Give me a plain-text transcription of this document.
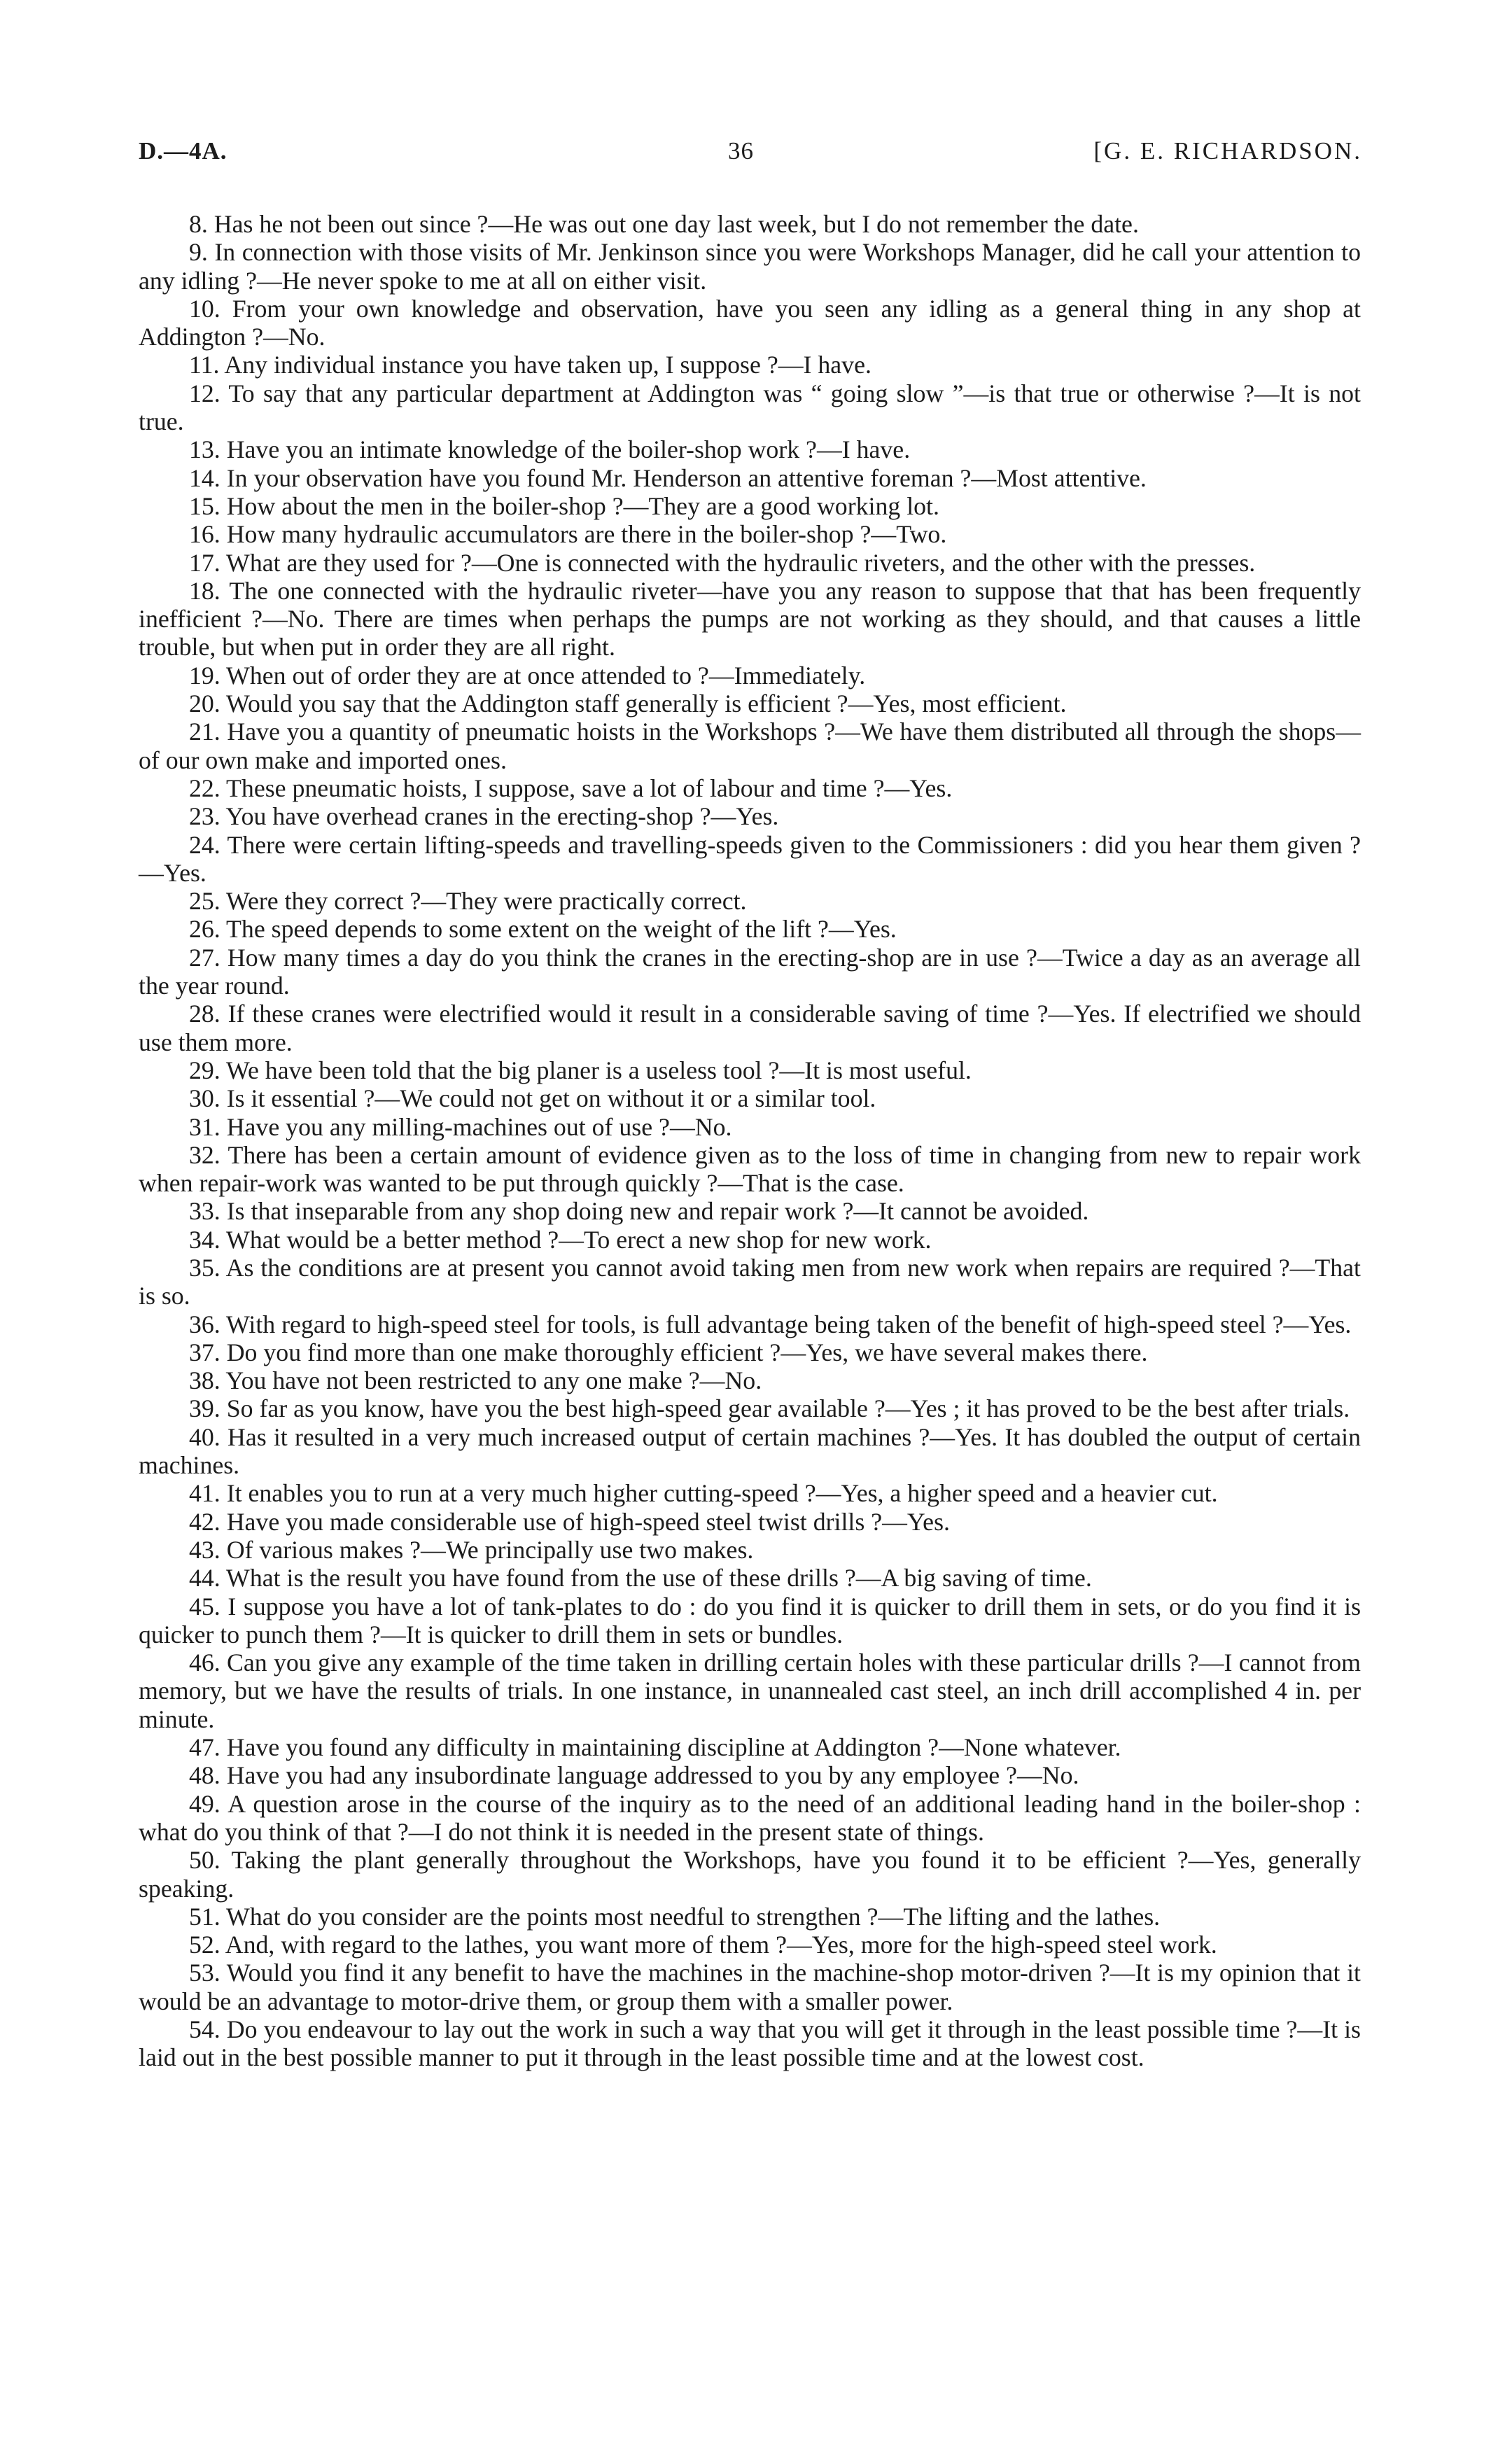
D.—4A.	36	[G. E. RICHARDSON.

8. Has he not been out since ?—He was out one day last week, but I do not remember the date.

9. In connection with those visits of Mr. Jenkinson since you were Workshops Manager, did he call your attention to any idling ?—He never spoke to me at all on either visit.

10. From your own knowledge and observation, have you seen any idling as a general thing in any shop at Addington ?—No.

11. Any individual instance you have taken up, I suppose ?—I have.

12. To say that any particular department at Addington was “ going slow ”—is that true or otherwise ?—It is not true.

13. Have you an intimate knowledge of the boiler-shop work ?—I have.

14. In your observation have you found Mr. Henderson an attentive foreman ?—Most attentive.

15. How about the men in the boiler-shop ?—They are a good working lot.

16. How many hydraulic accumulators are there in the boiler-shop ?—Two.

17. What are they used for ?—One is connected with the hydraulic riveters, and the other with the presses.

18. The one connected with the hydraulic riveter—have you any reason to suppose that that has been frequently inefficient ?—No. There are times when perhaps the pumps are not working as they should, and that causes a little trouble, but when put in order they are all right.

19. When out of order they are at once attended to ?—Immediately.

20. Would you say that the Addington staff generally is efficient ?—Yes, most efficient.

21. Have you a quantity of pneumatic hoists in the Workshops ?—We have them distributed all through the shops—of our own make and imported ones.

22. These pneumatic hoists, I suppose, save a lot of labour and time ?—Yes.

23. You have overhead cranes in the erecting-shop ?—Yes.

24. There were certain lifting-speeds and travelling-speeds given to the Commissioners : did you hear them given ?—Yes.

25. Were they correct ?—They were practically correct.

26. The speed depends to some extent on the weight of the lift ?—Yes.

27. How many times a day do you think the cranes in the erecting-shop are in use ?—Twice a day as an average all the year round.

28. If these cranes were electrified would it result in a considerable saving of time ?—Yes. If electrified we should use them more.

29. We have been told that the big planer is a useless tool ?—It is most useful.

30. Is it essential ?—We could not get on without it or a similar tool.

31. Have you any milling-machines out of use ?—No.

32. There has been a certain amount of evidence given as to the loss of time in changing from new to repair work when repair-work was wanted to be put through quickly ?—That is the case.

33. Is that inseparable from any shop doing new and repair work ?—It cannot be avoided.

34. What would be a better method ?—To erect a new shop for new work.

35. As the conditions are at present you cannot avoid taking men from new work when repairs are required ?—That is so.

36. With regard to high-speed steel for tools, is full advantage being taken of the benefit of high-speed steel ?—Yes.

37. Do you find more than one make thoroughly efficient ?—Yes, we have several makes there.

38. You have not been restricted to any one make ?—No.

39. So far as you know, have you the best high-speed gear available ?—Yes ; it has proved to be the best after trials.

40. Has it resulted in a very much increased output of certain machines ?—Yes. It has doubled the output of certain machines.

41. It enables you to run at a very much higher cutting-speed ?—Yes, a higher speed and a heavier cut.

42. Have you made considerable use of high-speed steel twist drills ?—Yes.

43. Of various makes ?—We principally use two makes.

44. What is the result you have found from the use of these drills ?—A big saving of time.

45. I suppose you have a lot of tank-plates to do : do you find it is quicker to drill them in sets, or do you find it is quicker to punch them ?—It is quicker to drill them in sets or bundles.

46. Can you give any example of the time taken in drilling certain holes with these particular drills ?—I cannot from memory, but we have the results of trials. In one instance, in unannealed cast steel, an inch drill accomplished 4 in. per minute.

47. Have you found any difficulty in maintaining discipline at Addington ?—None whatever.

48. Have you had any insubordinate language addressed to you by any employee ?—No.

49. A question arose in the course of the inquiry as to the need of an additional leading hand in the boiler-shop : what do you think of that ?—I do not think it is needed in the present state of things.

50. Taking the plant generally throughout the Workshops, have you found it to be efficient ?—Yes, generally speaking.

51. What do you consider are the points most needful to strengthen ?—The lifting and the lathes.

52. And, with regard to the lathes, you want more of them ?—Yes, more for the high-speed steel work.

53. Would you find it any benefit to have the machines in the machine-shop motor-driven ?—It is my opinion that it would be an advantage to motor-drive them, or group them with a smaller power.

54. Do you endeavour to lay out the work in such a way that you will get it through in the least possible time ?—It is laid out in the best possible manner to put it through in the least possible time and at the lowest cost.
